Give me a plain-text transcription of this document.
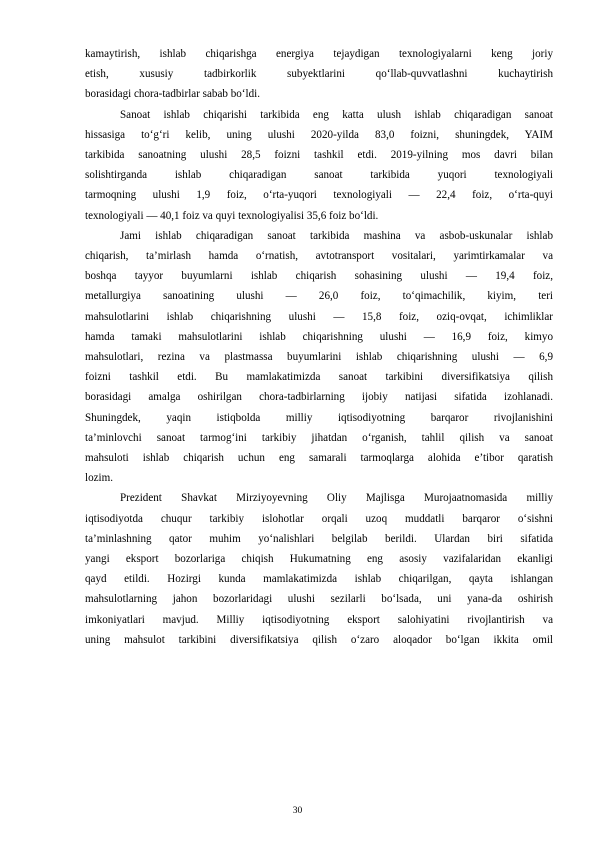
kamaytirish, ishlab chiqarishga energiya tejaydigan texnologiyalarni keng joriy
etish, xususiy tadbirkorlik subyektlarini qo‘llab-quvvatlashni kuchaytirish
borasidagi chora-tadbirlar sabab bo‘ldi.
Sanoat ishlab chiqarishi tarkibida eng katta ulush ishlab chiqaradigan sanoat
hissasiga to‘g‘ri kelib, uning ulushi 2020-yilda 83,0 foizni, shuningdek, YAIM
tarkibida sanoatning ulushi 28,5 foizni tashkil etdi. 2019-yilning mos davri bilan
solishtirganda ishlab chiqaradigan sanoat tarkibida yuqori texnologiyali
tarmoqning ulushi 1,9 foiz, o‘rta-yuqori texnologiyali — 22,4 foiz, o‘rta-quyi
texnologiyali — 40,1 foiz va quyi texnologiyalisi 35,6 foiz bo‘ldi.
Jami ishlab chiqaradigan sanoat tarkibida mashina va asbob-uskunalar ishlab
chiqarish, ta’mirlash hamda o‘rnatish, avtotransport vositalari, yarimtirkamalar va
boshqa tayyor buyumlarni ishlab chiqarish sohasining ulushi — 19,4 foiz,
metallurgiya sanoatining ulushi — 26,0 foiz, to‘qimachilik, kiyim, teri
mahsulotlarini ishlab chiqarishning ulushi — 15,8 foiz, oziq-ovqat, ichimliklar
hamda tamaki mahsulotlarini ishlab chiqarishning ulushi — 16,9 foiz, kimyo
mahsulotlari, rezina va plastmassa buyumlarini ishlab chiqarishning ulushi — 6,9
foizni tashkil etdi. Bu mamlakatimizda sanoat tarkibini diversifikatsiya qilish
borasidagi amalga oshirilgan chora-tadbirlarning ijobiy natijasi sifatida izohlanadi.
Shuningdek, yaqin istiqbolda milliy iqtisodiyotning barqaror rivojlanishini
ta’minlovchi sanoat tarmog‘ini tarkibiy jihatdan o‘rganish, tahlil qilish va sanoat
mahsuloti ishlab chiqarish uchun eng samarali tarmoqlarga alohida e’tibor qaratish
lozim.
Prezident Shavkat Mirziyoyevning Oliy Majlisga Murojaatnomasida milliy
iqtisodiyotda chuqur tarkibiy islohotlar orqali uzoq muddatli barqaror o‘sishni
ta’minlashning qator muhim yo‘nalishlari belgilab berildi. Ulardan biri sifatida
yangi eksport bozorlariga chiqish Hukumatning eng asosiy vazifalaridan ekanligi
qayd etildi. Hozirgi kunda mamlakatimizda ishlab chiqarilgan, qayta ishlangan
mahsulotlarning jahon bozorlaridagi ulushi sezilarli bo‘lsada, uni yana-da oshirish
imkoniyatlari mavjud. Milliy iqtisodiyotning eksport salohiyatini rivojlantirish va
uning mahsulot tarkibini diversifikatsiya qilish o‘zaro aloqador bo‘lgan ikkita omil
30
